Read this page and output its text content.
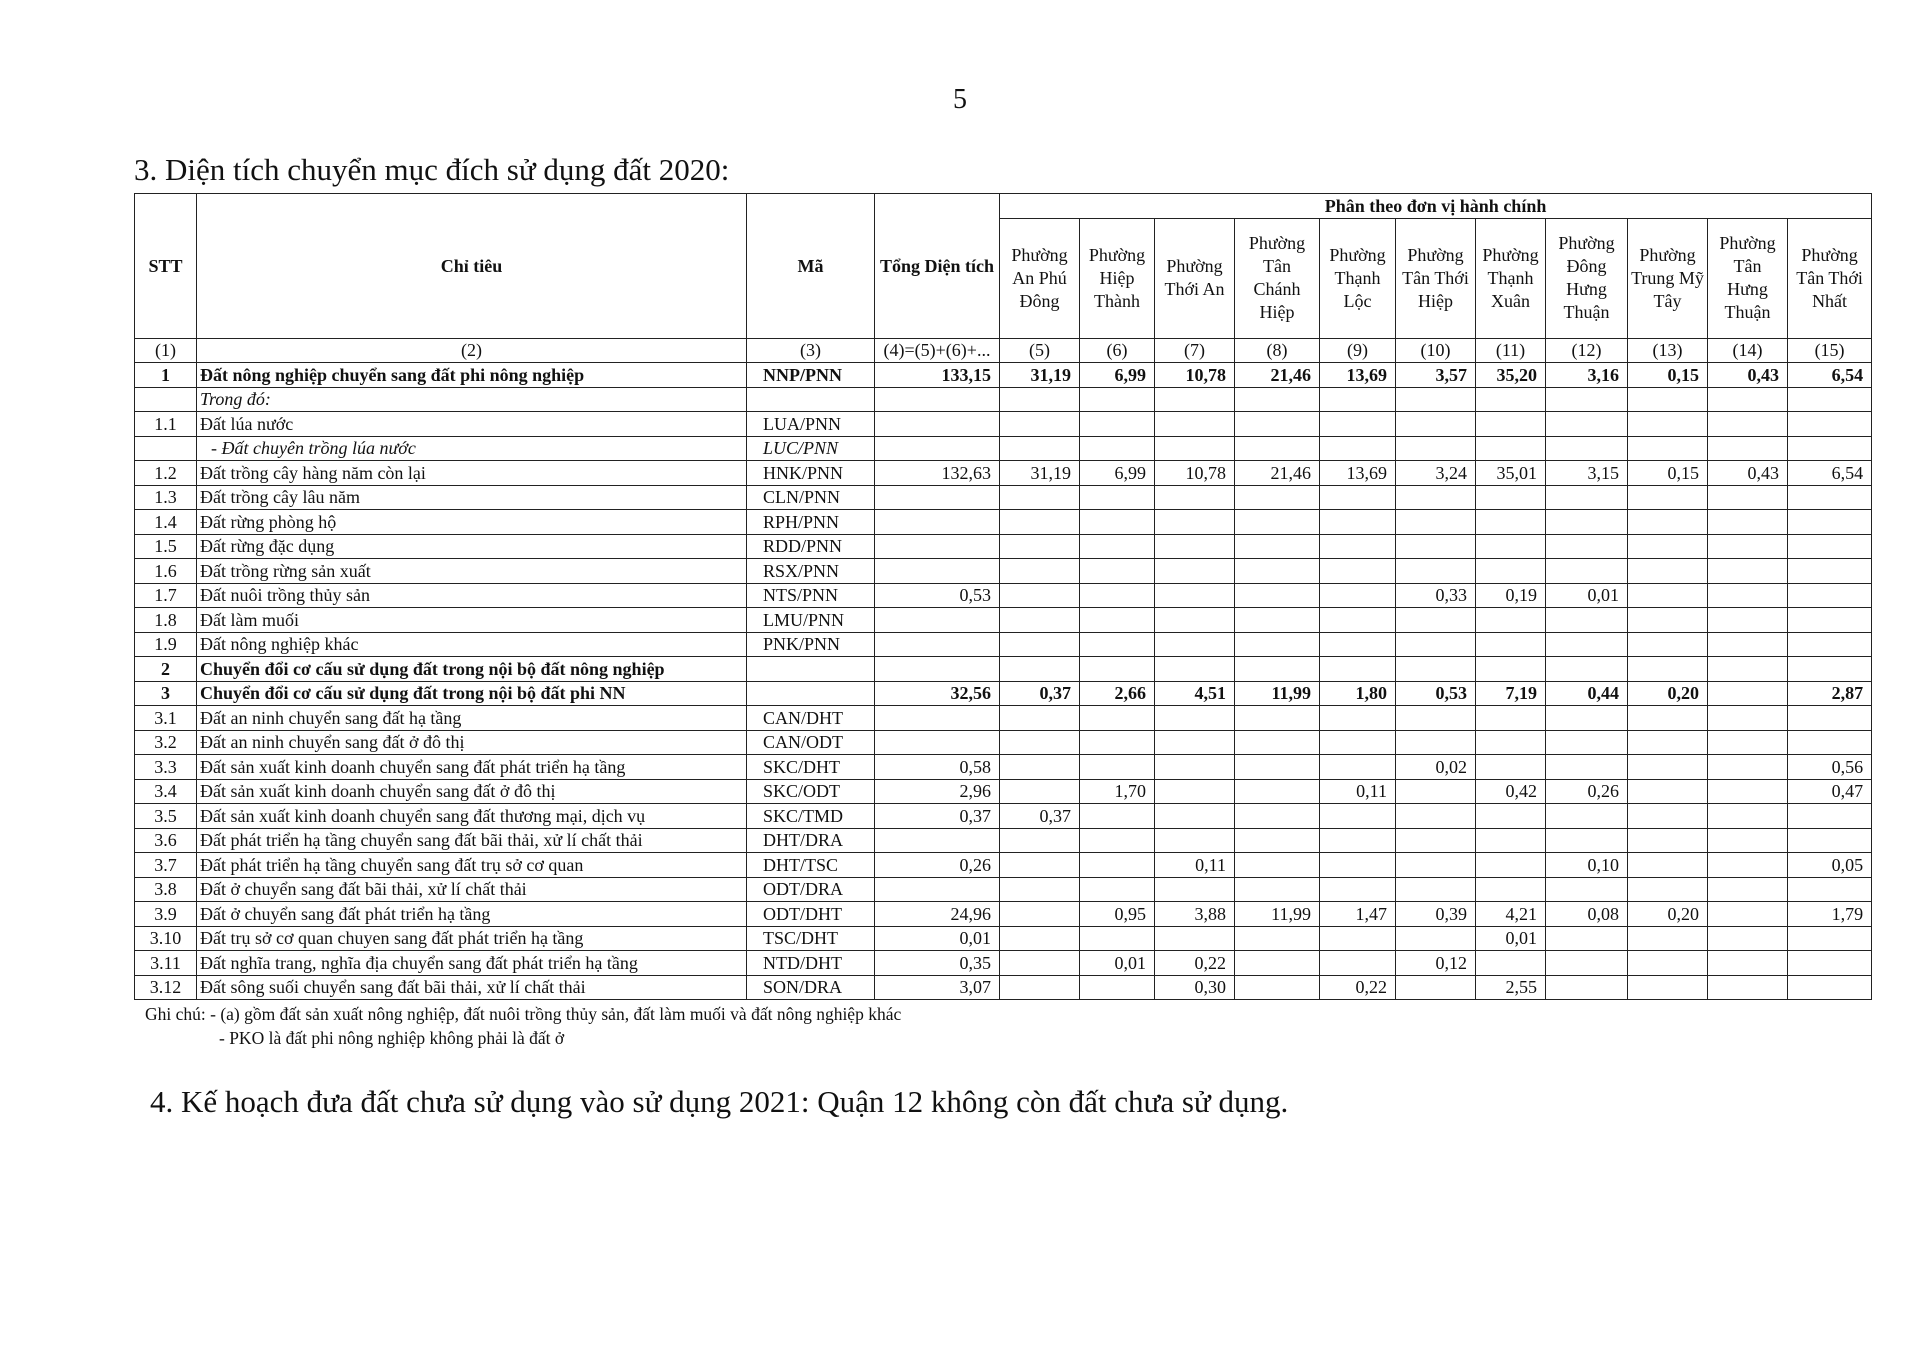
5
3. Diện tích chuyển mục đích sử dụng đất 2020:
STT	Chỉ tiêu	Mã	Tổng Diện tích	Phân theo đơn vị hành chính										
				Phường An Phú Đông	Phường Hiệp Thành	Phường Thới An	Phường Tân Chánh Hiệp	Phường Thạnh Lộc	Phường Tân Thới Hiệp	Phường Thạnh Xuân	Phường Đông Hưng Thuận	Phường Trung Mỹ Tây	Phường Tân Hưng Thuận	Phường Tân Thới Nhất
(1)	(2)	(3)	(4)=(5)+(6)+...	(5)	(6)	(7)	(8)	(9)	(10)	(11)	(12)	(13)	(14)	(15)
1	Đất nông nghiệp chuyển sang đất phi nông nghiệp	NNP/PNN	133,15	31,19	6,99	10,78	21,46	13,69	3,57	35,20	3,16	0,15	0,43	6,54
	Trong đó:													
1.1	Đất lúa nước	LUA/PNN												
	- Đất chuyên trồng lúa nước	LUC/PNN												
1.2	Đất trồng cây hàng năm còn lại	HNK/PNN	132,63	31,19	6,99	10,78	21,46	13,69	3,24	35,01	3,15	0,15	0,43	6,54
1.3	Đất trồng cây lâu năm	CLN/PNN												
1.4	Đất rừng phòng hộ	RPH/PNN												
1.5	Đất rừng đặc dụng	RDD/PNN												
1.6	Đất trồng rừng sản xuất	RSX/PNN												
1.7	Đất nuôi trồng thủy sản	NTS/PNN	0,53						0,33	0,19	0,01			
1.8	Đất làm muối	LMU/PNN												
1.9	Đất nông nghiệp khác	PNK/PNN												
2	Chuyển đổi cơ cấu sử dụng đất trong nội bộ đất nông nghiệp													
3	Chuyển đổi cơ cấu sử dụng đất trong nội bộ đất phi NN		32,56	0,37	2,66	4,51	11,99	1,80	0,53	7,19	0,44	0,20		2,87
3.1	Đất an ninh chuyển sang đất hạ tầng	CAN/DHT												
3.2	Đất an ninh chuyển sang đất ở đô thị	CAN/ODT												
3.3	Đất sản xuất kinh doanh chuyển sang đất phát triển hạ tầng	SKC/DHT	0,58						0,02					0,56
3.4	Đất sản xuất kinh doanh chuyển sang đất ở đô thị	SKC/ODT	2,96		1,70			0,11		0,42	0,26			0,47
3.5	Đất sản xuất kinh doanh chuyển sang đất thương mại, dịch vụ	SKC/TMD	0,37	0,37										
3.6	Đất phát triển hạ tầng chuyển sang đất bãi thải, xử lí chất thải	DHT/DRA												
3.7	Đất phát triển hạ tầng chuyển sang đất trụ sở cơ quan	DHT/TSC	0,26			0,11					0,10			0,05
3.8	Đất ở chuyển sang đất bãi thải, xử lí chất thải	ODT/DRA												
3.9	Đất ở chuyển sang đất phát triển hạ tầng	ODT/DHT	24,96		0,95	3,88	11,99	1,47	0,39	4,21	0,08	0,20		1,79
3.10	Đất trụ sở cơ quan chuyen sang đất phát triển hạ tầng	TSC/DHT	0,01							0,01				
3.11	Đất nghĩa trang, nghĩa địa chuyển sang đất phát triển hạ tầng	NTD/DHT	0,35		0,01	0,22			0,12					
3.12	Đất sông suối chuyển sang đất bãi thải, xử lí chất thải	SON/DRA	3,07			0,30		0,22		2,55				
Ghi chú: - (a) gồm đất sản xuất nông nghiệp, đất nuôi trồng thủy sản, đất làm muối và đất nông nghiệp khác
- PKO là đất phi nông nghiệp không phải là đất ở
4. Kế hoạch đưa đất chưa sử dụng vào sử dụng 2021: Quận 12 không còn đất chưa sử dụng.
